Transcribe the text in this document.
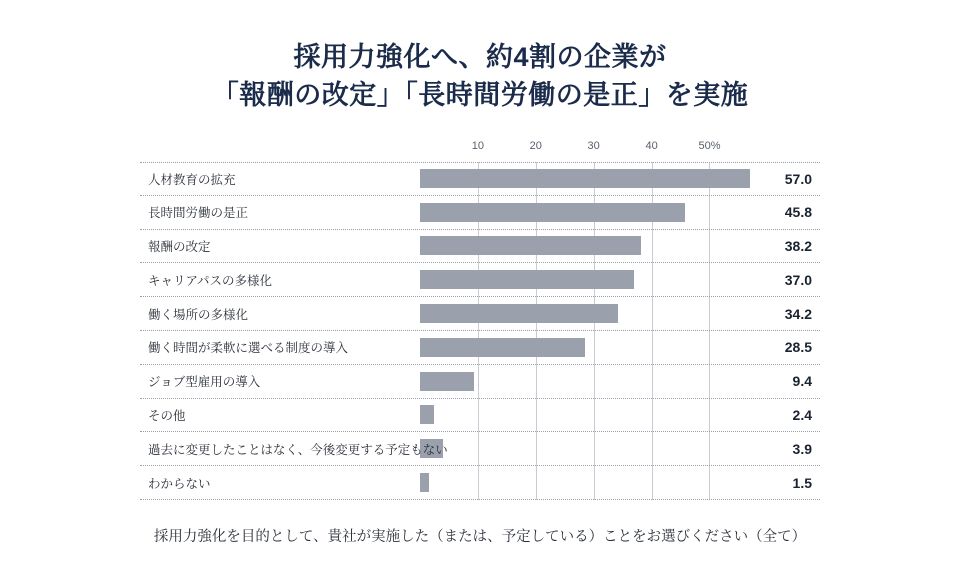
採用力強化へ、約4割の企業が
「報酬の改定」「長時間労働の是正」を実施
10	20	30	40	50%
人材教育の拡充	57.0
長時間労働の是正	45.8
報酬の改定	38.2
キャリアパスの多様化	37.0
働く場所の多様化	34.2
働く時間が柔軟に選べる制度の導入	28.5
ジョブ型雇用の導入	9.4
その他	2.4
過去に変更したことはなく、今後変更する予定もない	3.9
わからない	1.5
採用力強化を目的として、貴社が実施した（または、予定している）ことをお選びください（全て）
